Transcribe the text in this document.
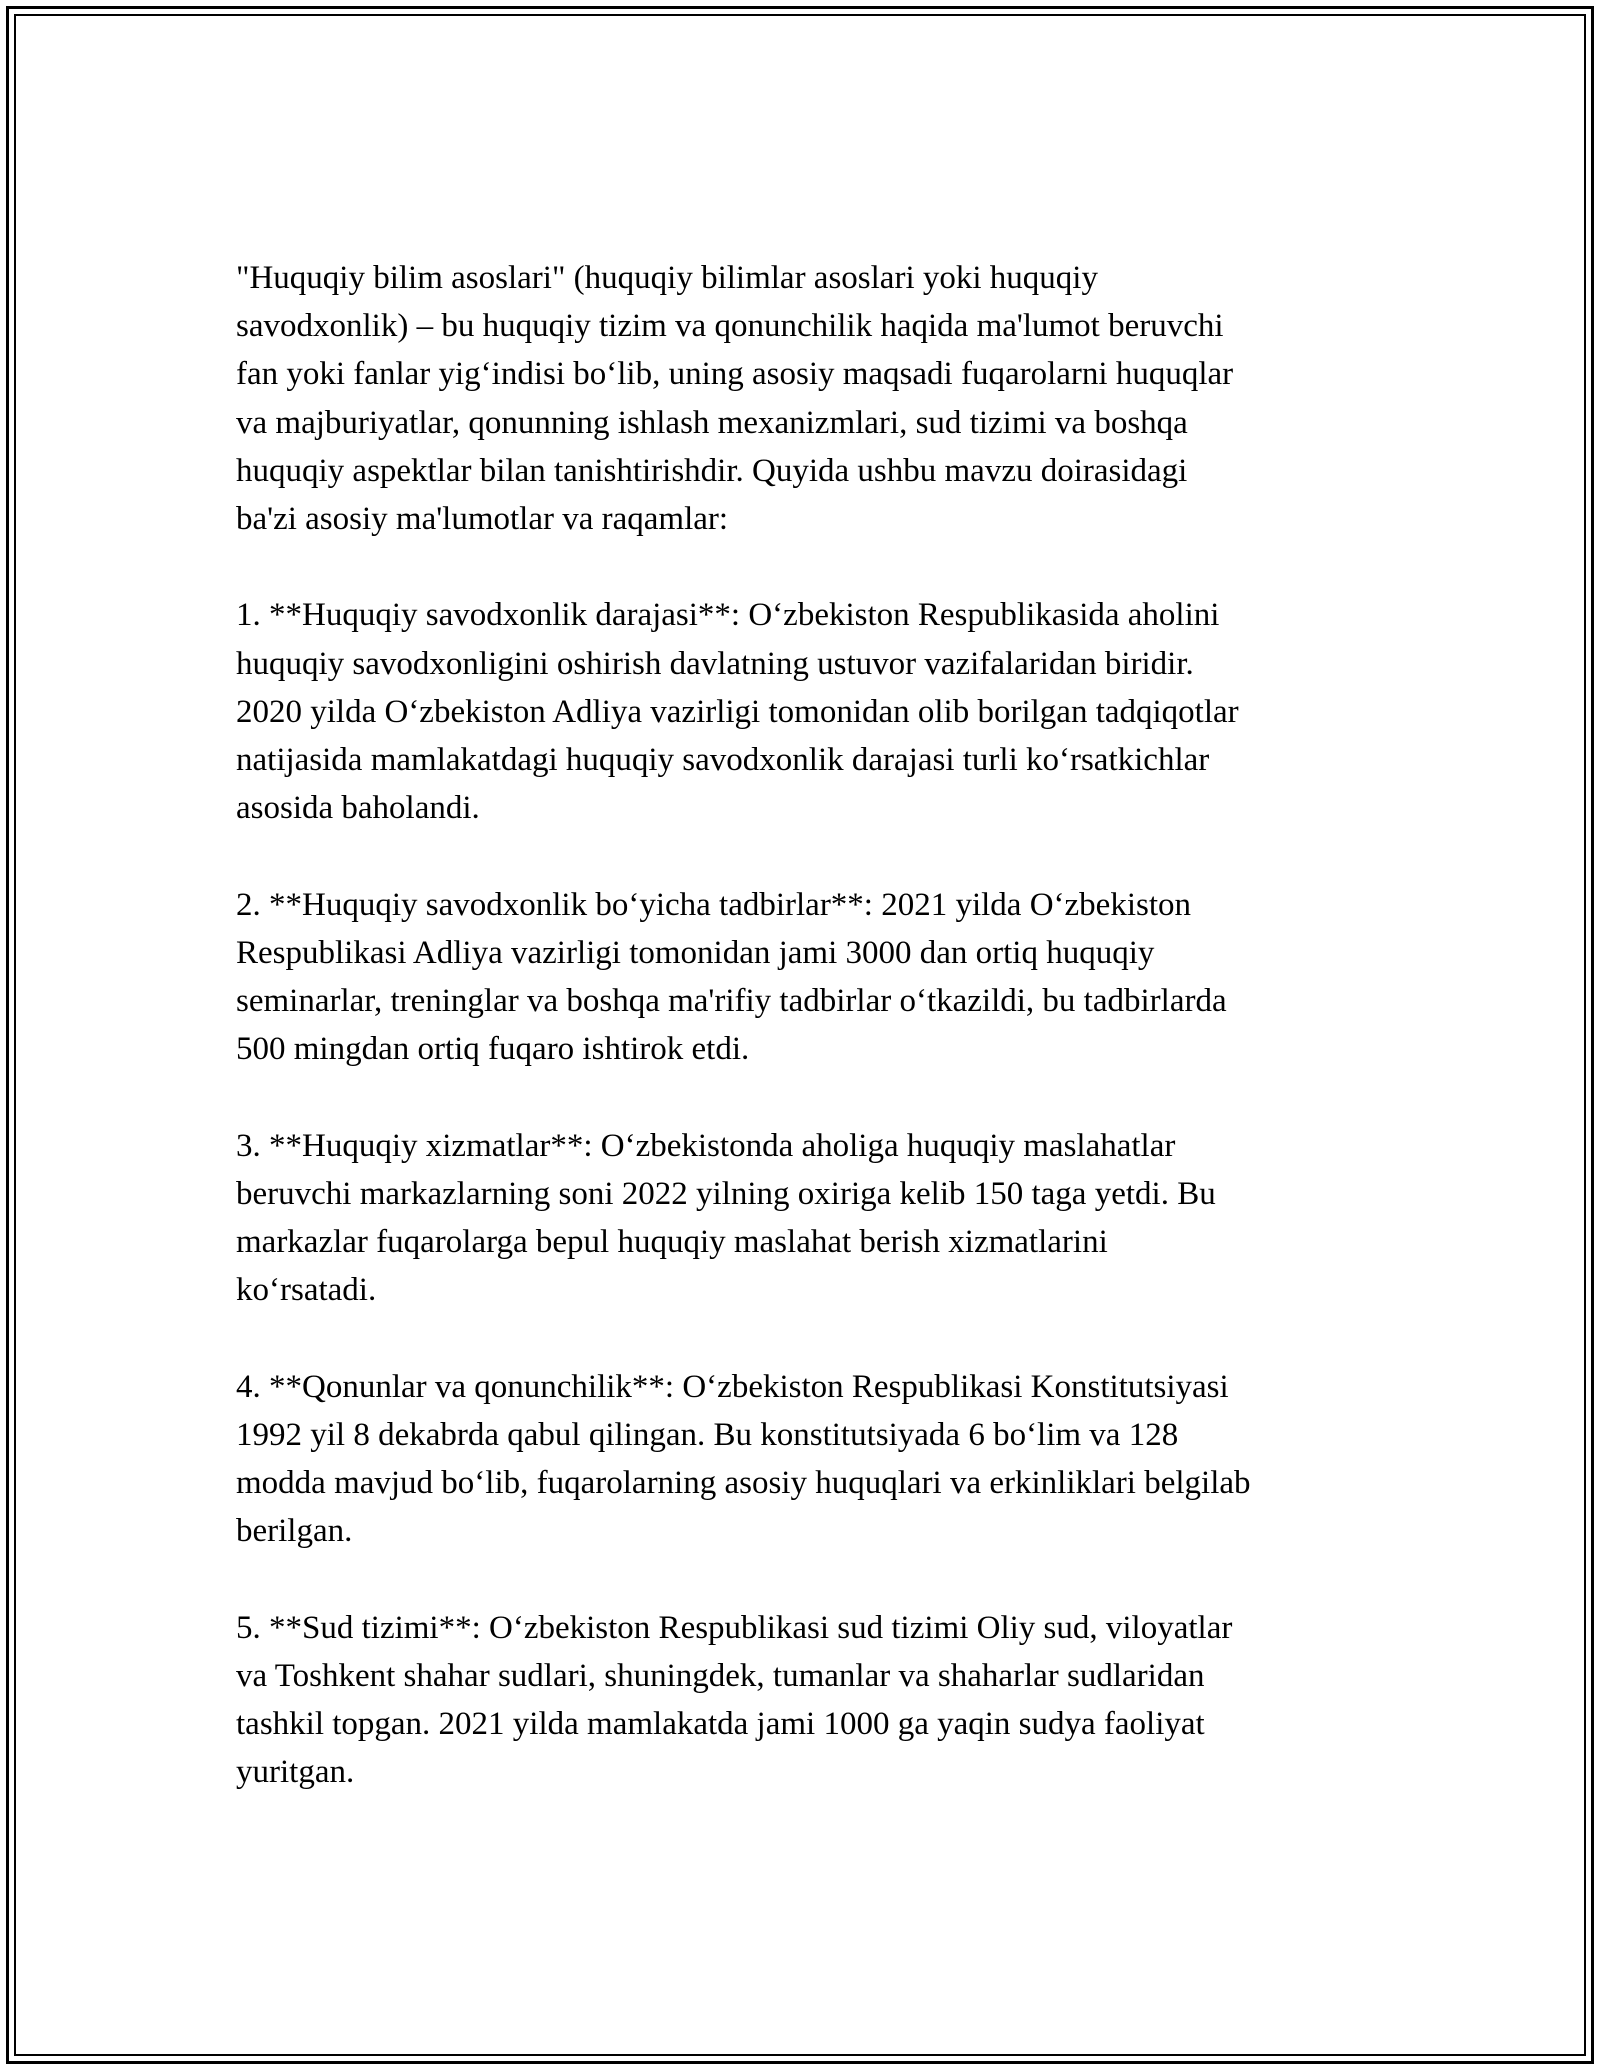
"Huquqiy bilim asoslari" (huquqiy bilimlar asoslari yoki huquqiy
savodxonlik) – bu huquqiy tizim va qonunchilik haqida ma'lumot beruvchi
fan yoki fanlar yig‘indisi bo‘lib, uning asosiy maqsadi fuqarolarni huquqlar
va majburiyatlar, qonunning ishlash mexanizmlari, sud tizimi va boshqa
huquqiy aspektlar bilan tanishtirishdir. Quyida ushbu mavzu doirasidagi
ba'zi asosiy ma'lumotlar va raqamlar:

1. **Huquqiy savodxonlik darajasi**: O‘zbekiston Respublikasida aholini
huquqiy savodxonligini oshirish davlatning ustuvor vazifalaridan biridir.
2020 yilda O‘zbekiston Adliya vazirligi tomonidan olib borilgan tadqiqotlar
natijasida mamlakatdagi huquqiy savodxonlik darajasi turli ko‘rsatkichlar
asosida baholandi.

2. **Huquqiy savodxonlik bo‘yicha tadbirlar**: 2021 yilda O‘zbekiston
Respublikasi Adliya vazirligi tomonidan jami 3000 dan ortiq huquqiy
seminarlar, treninglar va boshqa ma'rifiy tadbirlar o‘tkazildi, bu tadbirlarda
500 mingdan ortiq fuqaro ishtirok etdi.

3. **Huquqiy xizmatlar**: O‘zbekistonda aholiga huquqiy maslahatlar
beruvchi markazlarning soni 2022 yilning oxiriga kelib 150 taga yetdi. Bu
markazlar fuqarolarga bepul huquqiy maslahat berish xizmatlarini
ko‘rsatadi.

4. **Qonunlar va qonunchilik**: O‘zbekiston Respublikasi Konstitutsiyasi
1992 yil 8 dekabrda qabul qilingan. Bu konstitutsiyada 6 bo‘lim va 128
modda mavjud bo‘lib, fuqarolarning asosiy huquqlari va erkinliklari belgilab
berilgan.

5. **Sud tizimi**: O‘zbekiston Respublikasi sud tizimi Oliy sud, viloyatlar
va Toshkent shahar sudlari, shuningdek, tumanlar va shaharlar sudlaridan
tashkil topgan. 2021 yilda mamlakatda jami 1000 ga yaqin sudya faoliyat
yuritgan.
